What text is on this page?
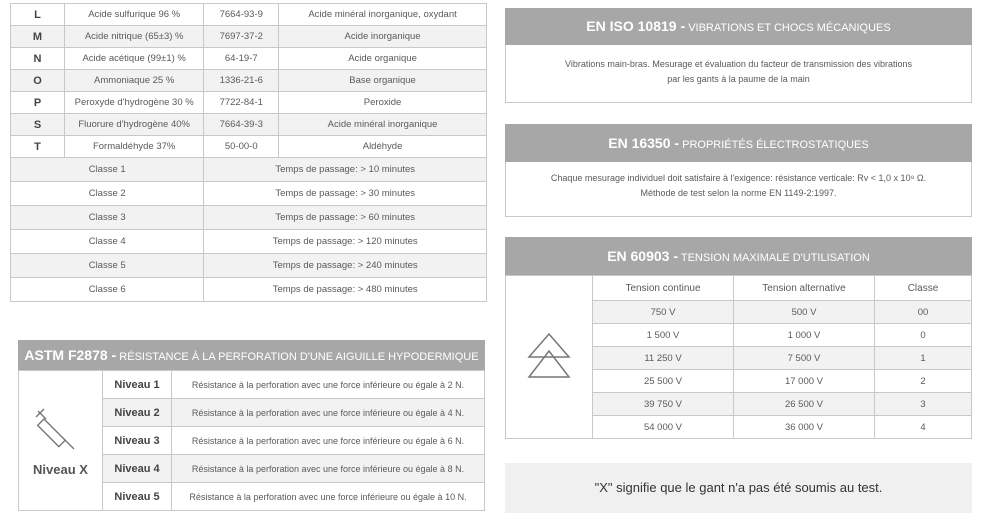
L	Acide sulfurique 96 %	7664-93-9	Acide minéral inorganique, oxydant
M	Acide nitrique (65±3) %	7697-37-2	Acide inorganique
N	Acide acétique (99±1) %	64-19-7	Acide organique
O	Ammoniaque 25 %	1336-21-6	Base organique
P	Peroxyde d'hydrogène 30 %	7722-84-1	Peroxide
S	Fluorure d'hydrogène 40%	7664-39-3	Acide minéral inorganique
T	Formaldéhyde 37%	50-00-0	Aldéhyde
Classe 1		Temps de passage: > 10 minutes	
Classe 2		Temps de passage: > 30 minutes	
Classe 3		Temps de passage: > 60 minutes	
Classe 4		Temps de passage: > 120 minutes	
Classe 5		Temps de passage: > 240 minutes	
Classe 6		Temps de passage: > 480 minutes	
ASTM F2878 - RÉSISTANCE À LA PERFORATION D'UNE AIGUILLE HYPODERMIQUE
Niveau X	Niveau 1	Résistance à la perforation avec une force inférieure ou égale à 2 N.
	Niveau 2	Résistance à la perforation avec une force inférieure ou égale à 4 N.
	Niveau 3	Résistance à la perforation avec une force inférieure ou égale à 6 N.
	Niveau 4	Résistance à la perforation avec une force inférieure ou égale à 8 N.
	Niveau 5	Résistance à la perforation avec une force inférieure ou égale à 10 N.
EN ISO 10819 - VIBRATIONS ET CHOCS MÉCANIQUES
Vibrations main-bras. Mesurage et évaluation du facteur de transmission des vibrations
par les gants à la paume de la main
EN 16350 - PROPRIÉTÉS ÉLECTROSTATIQUES
Chaque mesurage individuel doit satisfaire à l'exigence: résistance verticale: Rv < 1,0 x 10⁸ Ω.
Méthode de test selon la norme EN 1149-2:1997.
EN 60903 - TENSION MAXIMALE D'UTILISATION
	Tension continue	Tension alternative	Classe
	750 V	500 V	00
	1 500 V	1 000 V	0
	11 250 V	7 500 V	1
	25 500 V	17 000 V	2
	39 750 V	26 500 V	3
	54 000 V	36 000 V	4
"X" signifie que le gant n'a pas été soumis au test.
